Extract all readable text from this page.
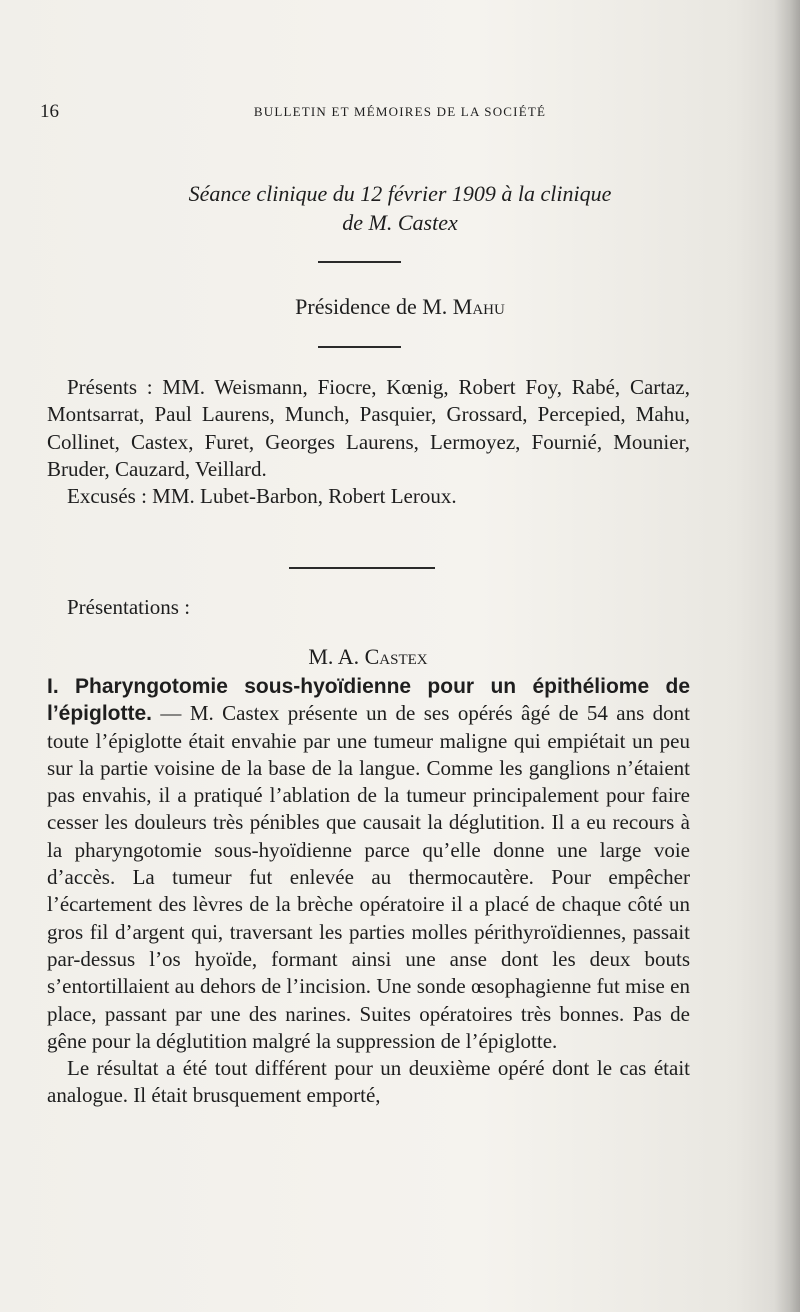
16	BULLETIN ET MÉMOIRES DE LA SOCIÉTÉ
Séance clinique du 12 février 1909 à la clinique
de M. Castex
Présidence de M. Mahu

Présents : MM. Weismann, Fiocre, Kœnig, Robert Foy, Rabé, Cartaz, Montsarrat, Paul Laurens, Munch, Pasquier, Grossard, Percepied, Mahu, Collinet, Castex, Furet, Georges Laurens, Lermoyez, Fournié, Mounier, Bruder, Cauzard, Veillard.

Excusés : MM. Lubet-Barbon, Robert Leroux.

Présentations :

M. A. Castex

I. Pharyngotomie sous-hyoïdienne pour un épithéliome de l’épiglotte. — M. Castex présente un de ses opérés âgé de 54 ans dont toute l’épiglotte était envahie par une tumeur maligne qui empiétait un peu sur la partie voisine de la base de la langue. Comme les ganglions n’étaient pas envahis, il a pratiqué l’ablation de la tumeur principalement pour faire cesser les douleurs très pénibles que causait la déglutition. Il a eu recours à la pharyngotomie sous-hyoïdienne parce qu’elle donne une large voie d’accès. La tumeur fut enlevée au thermocautère. Pour empêcher l’écartement des lèvres de la brèche opératoire il a placé de chaque côté un gros fil d’argent qui, traversant les parties molles périthyroïdiennes, passait par-dessus l’os hyoïde, formant ainsi une anse dont les deux bouts s’entortillaient au dehors de l’incision. Une sonde œsophagienne fut mise en place, passant par une des narines. Suites opératoires très bonnes. Pas de gêne pour la déglutition malgré la suppression de l’épiglotte.

Le résultat a été tout différent pour un deuxième opéré dont le cas était analogue. Il était brusquement emporté,
